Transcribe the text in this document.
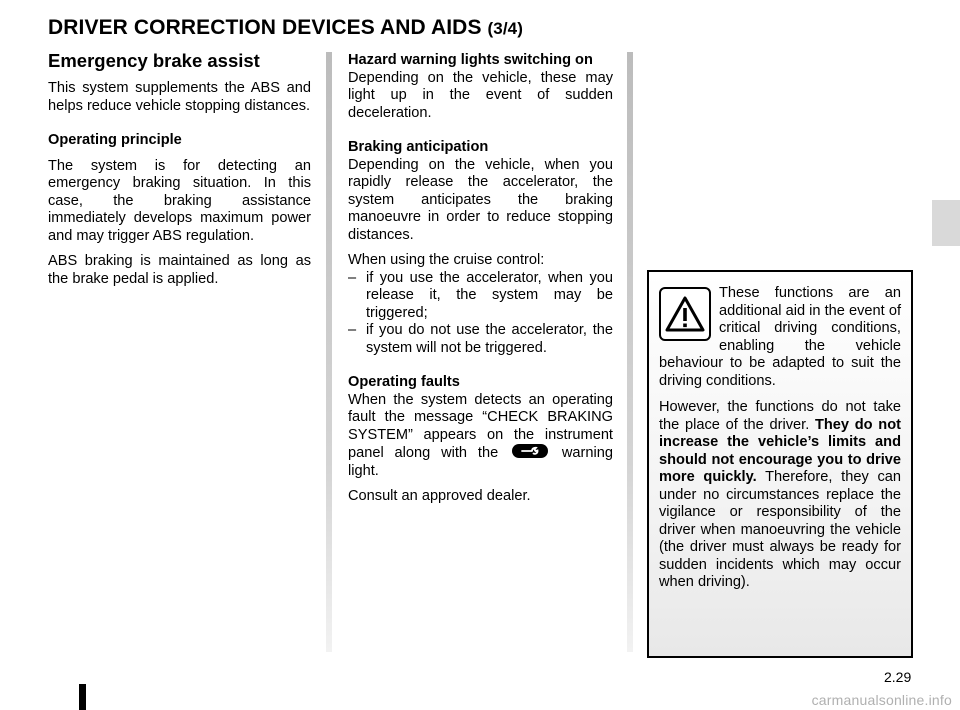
DRIVER CORRECTION DEVICES AND AIDS (3/4)
Emergency brake assist

This system supplements the ABS and helps reduce vehicle stopping distances.

Operating principle

The system is for detecting an emergency braking situation. In this case, the braking assistance immediately develops maximum power and may trigger ABS regulation.

ABS braking is maintained as long as the brake pedal is applied.

Hazard warning lights switching on

Depending on the vehicle, these may light up in the event of sudden deceleration.

Braking anticipation

Depending on the vehicle, when you rapidly release the accelerator, the system anticipates the braking manoeuvre in order to reduce stopping distances.

When using the cruise control:

– if you use the accelerator, when you release it, the system may be triggered;
– if you do not use the accelerator, the system will not be triggered.
Operating faults

When the system detects an operating fault the message “CHECK BRAKING SYSTEM” appears on the instrument panel along with the	warning light.

Consult an approved dealer.

These functions are an additional aid in the event of critical driving conditions, enabling the vehicle behaviour to be adapted to suit the driving conditions.

However, the functions do not take the place of the driver. They do not increase the vehicle’s limits and should not encourage you to drive more quickly. Therefore, they can under no circumstances replace the vigilance or responsibility of the driver when manoeuvring the vehicle (the driver must always be ready for sudden incidents which may occur when driving).

2.29
carmanualsonline.info
